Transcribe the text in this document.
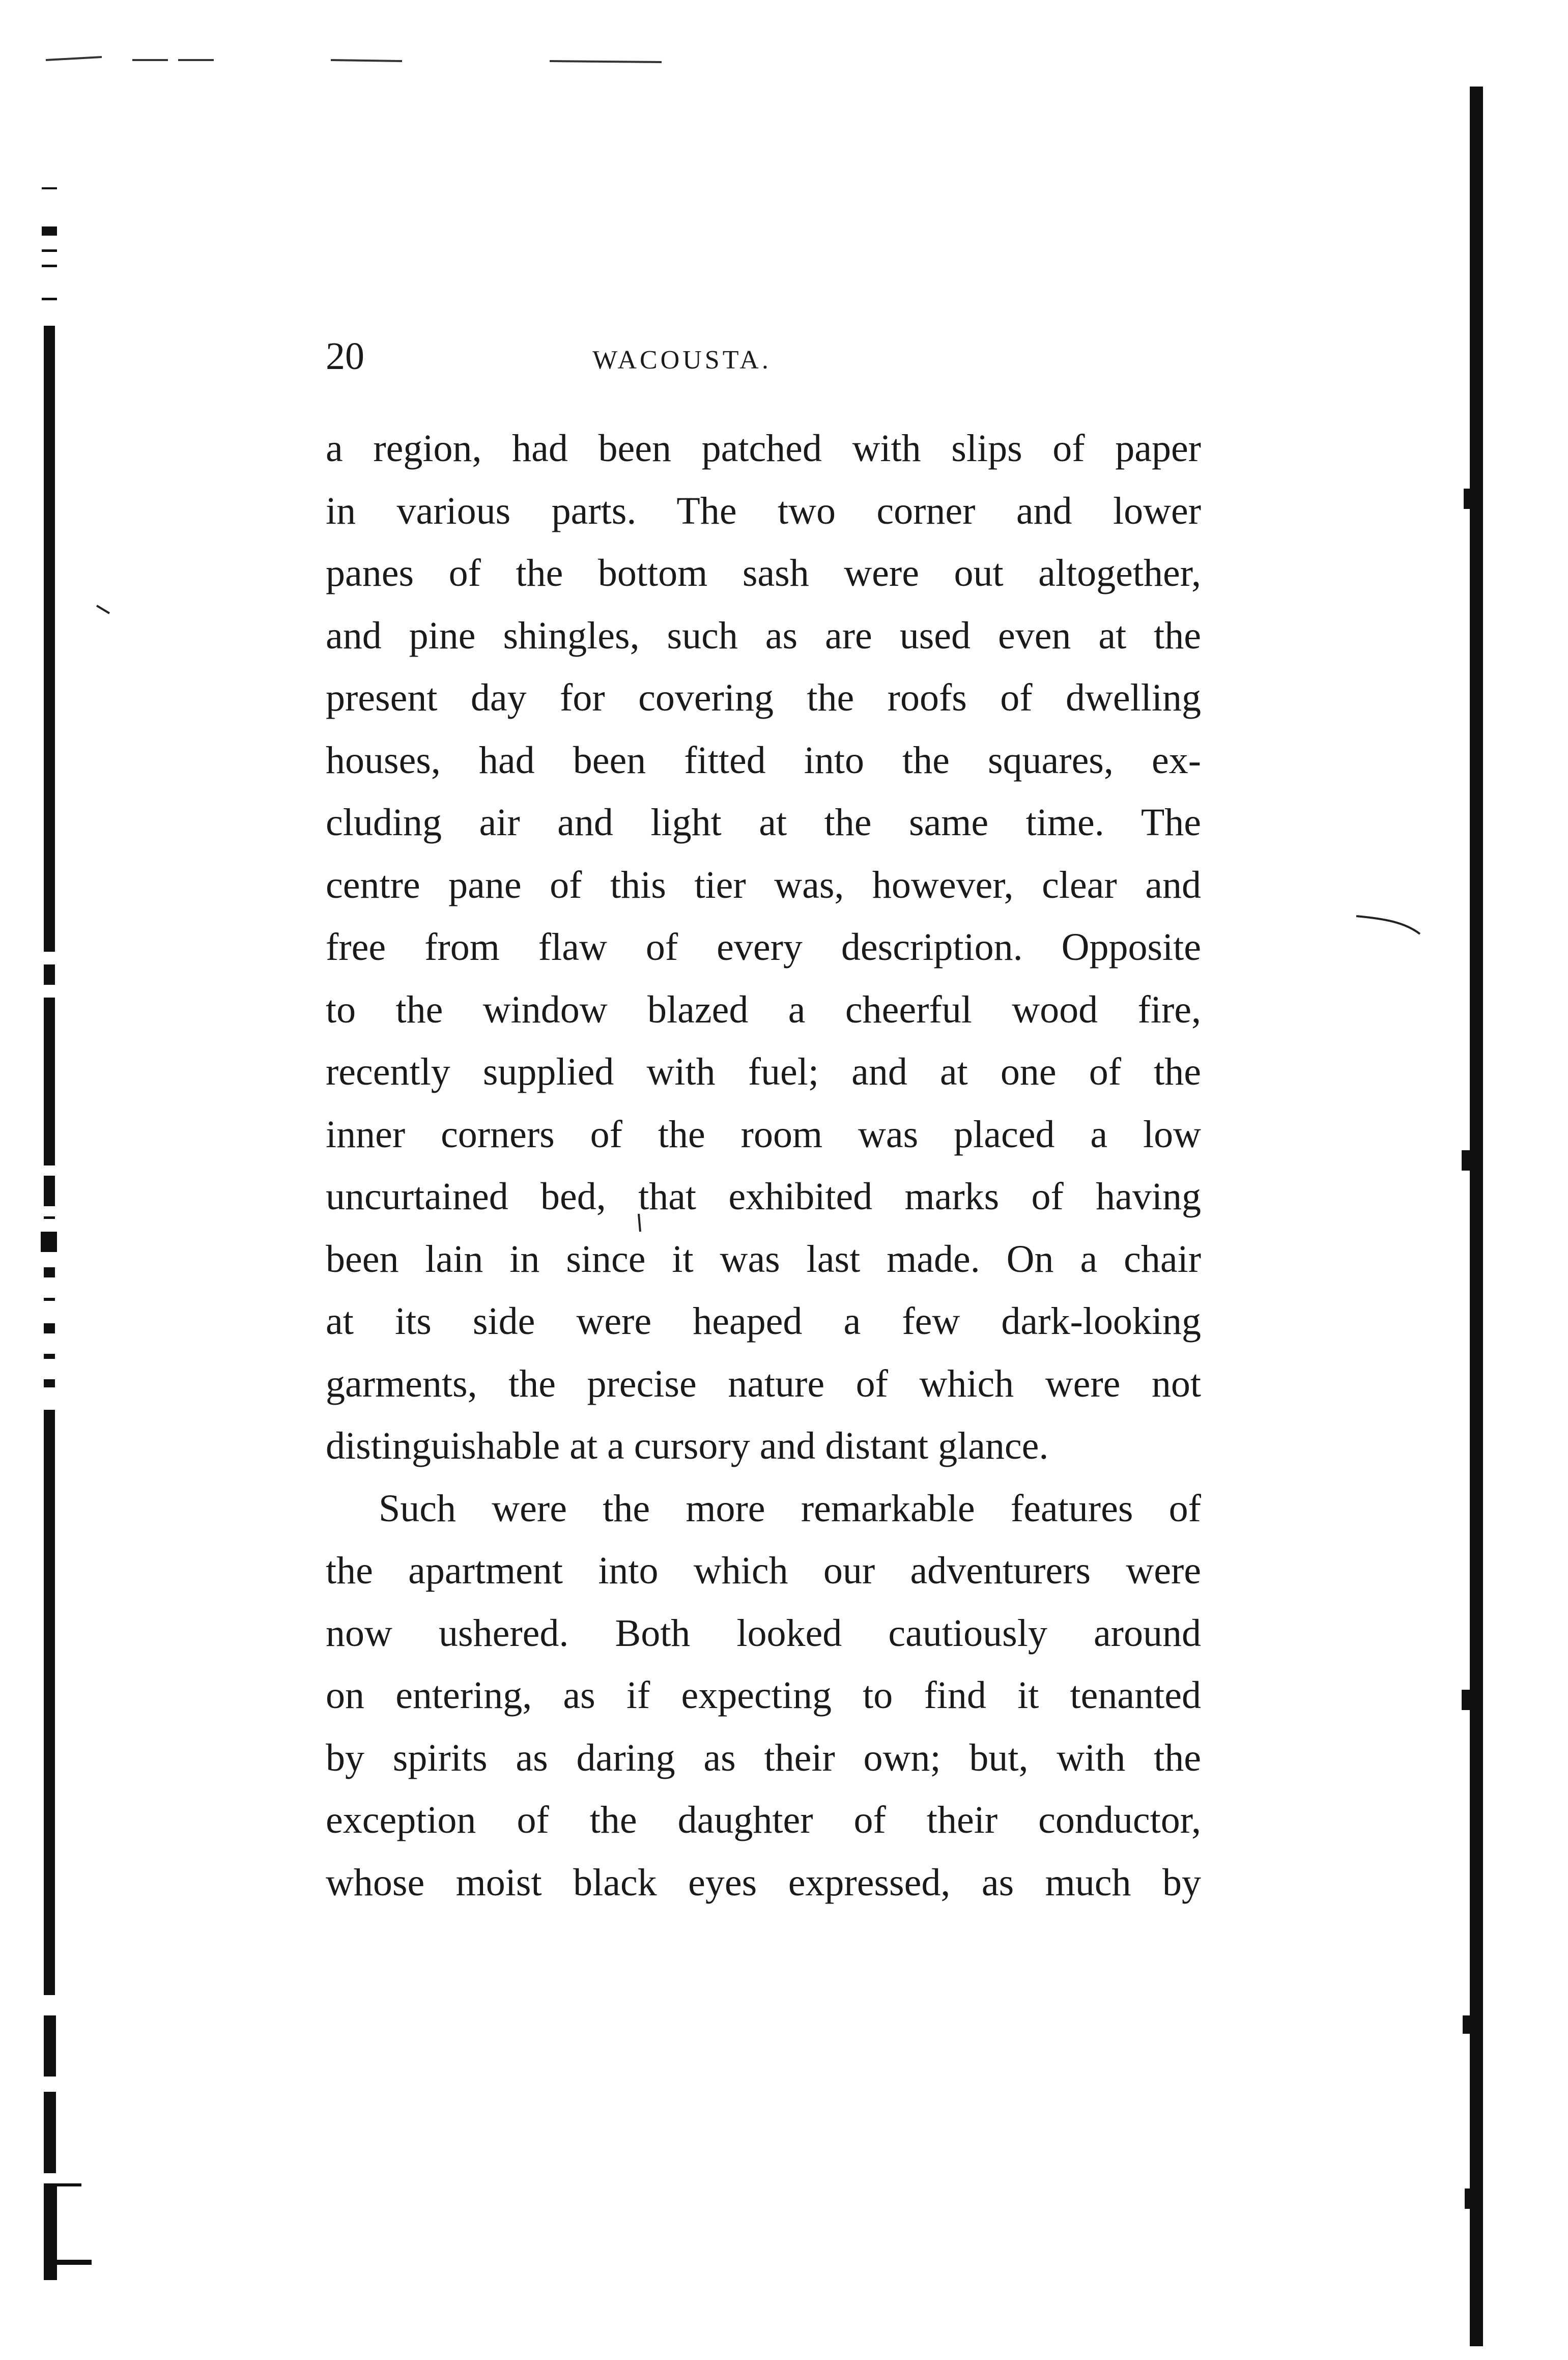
20	WACOUSTA.
a region, had been patched with slips of paper
in various parts. The two corner and lower
panes of the bottom sash were out altogether,
and pine shingles, such as are used even at the
present day for covering the roofs of dwelling
houses, had been fitted into the squares, ex-
cluding air and light at the same time. The
centre pane of this tier was, however, clear and
free from flaw of every description. Opposite
to the window blazed a cheerful wood fire,
recently supplied with fuel; and at one of the
inner corners of the room was placed a low
uncurtained bed, that exhibited marks of having
been lain in since it was last made. On a chair
at its side were heaped a few dark-looking
garments, the precise nature of which were not
distinguishable at a cursory and distant glance.
Such were the more remarkable features of
the apartment into which our adventurers were
now ushered. Both looked cautiously around
on entering, as if expecting to find it tenanted
by spirits as daring as their own; but, with the
exception of the daughter of their conductor,
whose moist black eyes expressed, as much by
